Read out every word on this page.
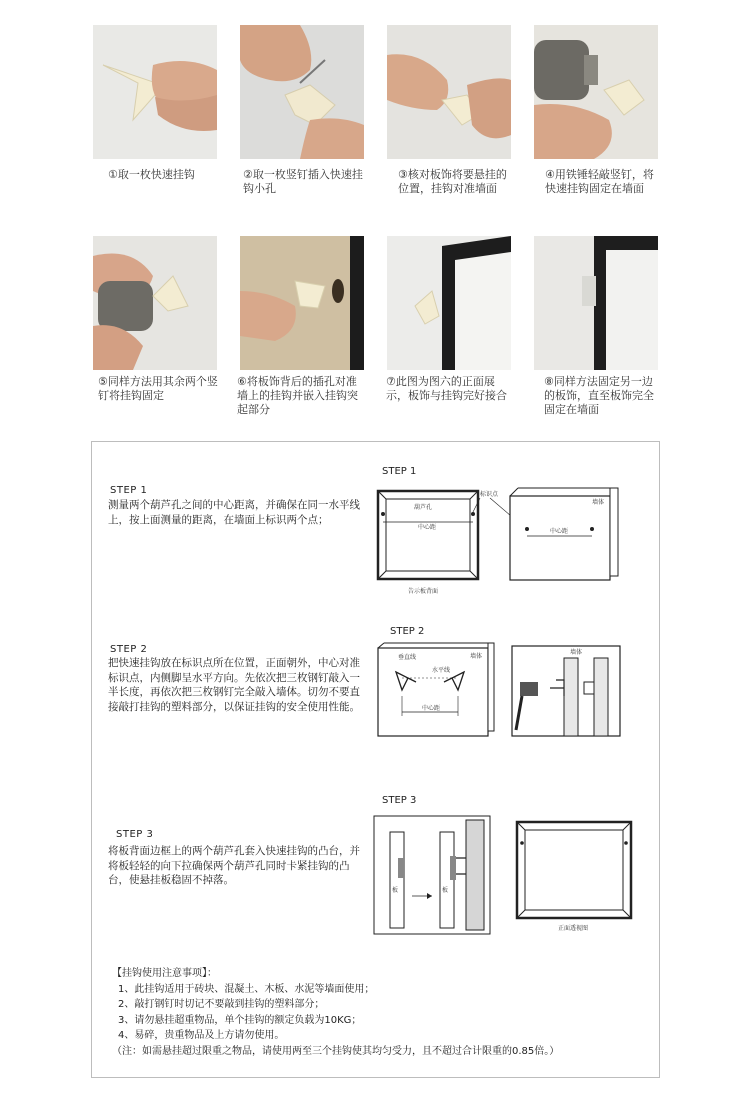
①取一枚快速挂钩	②取一枚竖钉插入快速挂钩小孔
③核对板饰将要悬挂的位置，挂钩对准墙面
④用铁锤轻敲竖钉，将快速挂钩固定在墙面
⑤同样方法用其余两个竖钉将挂钩固定
⑥将板饰背后的插孔对准墙上的挂钩并嵌入挂钩突起部分
⑦此图为图六的正面展示，板饰与挂钩完好接合
⑧同样方法固定另一边的板饰，直至板饰完全固定在墙面
STEP 1
测量两个葫芦孔之间的中心距离，并确保在同一水平线上，按上面测量的距离，在墙面上标识两个点；
STEP 1
葫芦孔
中心距
告示板背面
标识点
墙体
中心距
STEP 2
把快速挂钩放在标识点所在位置，正面朝外，中心对准标识点，内侧脚呈水平方向。先依次把三枚钢钉敲入一半长度，再依次把三枚钢钉完全敲入墙体。切勿不要直接敲打挂钩的塑料部分，以保证挂钩的安全使用性能。
STEP 2
垂直线
水平线
墙体
中心距
墙体
STEP 3
将板背面边框上的两个葫芦孔套入快速挂钩的凸台，并将板轻轻的向下拉确保两个葫芦孔同时卡紧挂钩的凸台，使悬挂板稳固不掉落。
STEP 3
板	板
正面透视图
【挂钩使用注意事项】：
1、此挂钩适用于砖块、混凝土、木板、水泥等墙面使用；
2、敲打钢钉时切记不要敲到挂钩的塑料部分；
3、请勿悬挂超重物品，单个挂钩的额定负载为10KG；
4、易碎，贵重物品及上方请勿使用。
（注：如需悬挂超过限重之物品，请使用两至三个挂钩使其均匀受力，且不超过合计限重的0.85倍。）
